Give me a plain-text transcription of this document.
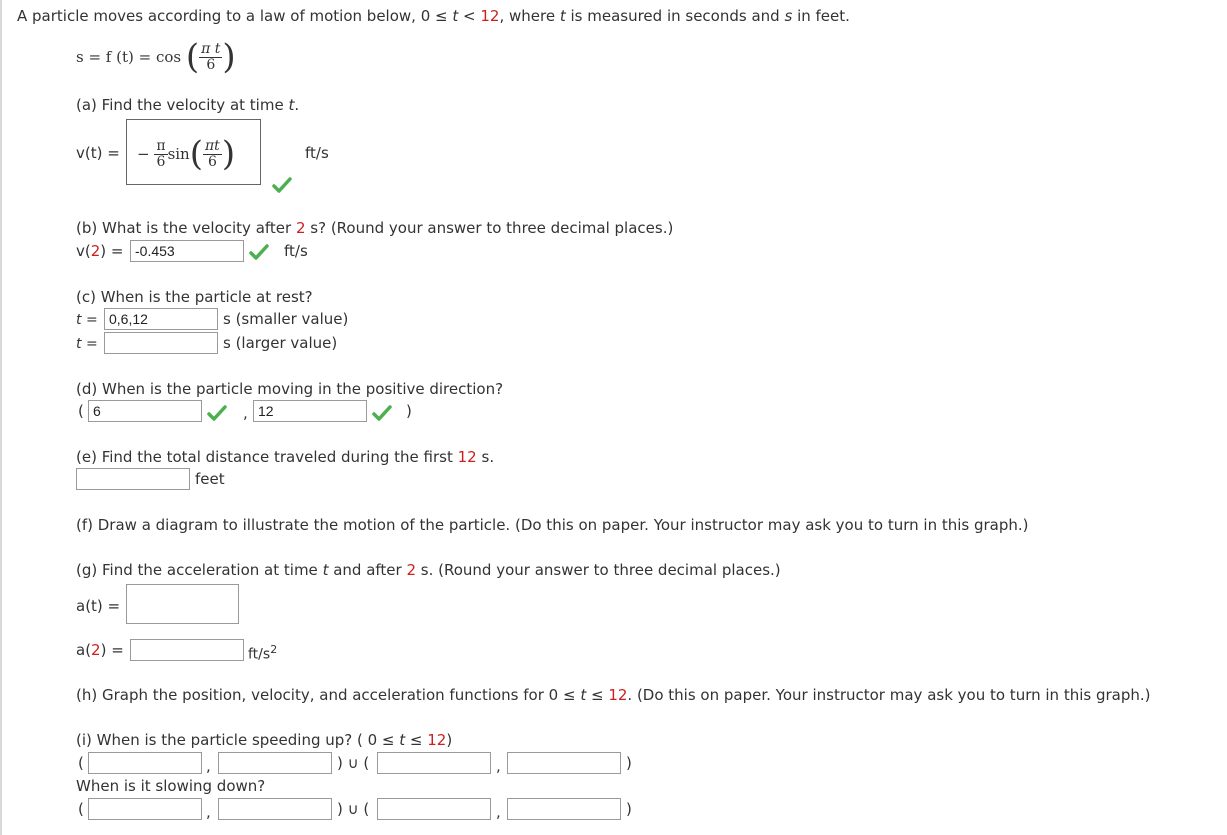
A particle moves according to a law of motion below, 0 ≤ t < 12, where t is measured in seconds and s in feet.
s = f (t) = cos ( $\frac{\text{π t}}{6}$ )
(a) Find the velocity at time t.
v(t) = − $\frac{\pi}{6} \sin( \frac{\pi t}{6}$ )	ft/s
(b) What is the velocity after 2 s? (Round your answer to three decimal places.)
v(2) = -0.453	ft/s
(c) When is the particle at rest?
t = 0,6,12	s (smaller value)
t =	s (larger value)
(d) When is the particle moving in the positive direction?
( 6	, 12	)
(e) Find the total distance traveled during the first 12 s.
feet
(f) Draw a diagram to illustrate the motion of the particle. (Do this on paper. Your instructor may ask you to turn in this graph.)
(g) Find the acceleration at time t and after 2 s. (Round your answer to three decimal places.)
a(t) =
a(2) =	$ft/s^2$
(h) Graph the position, velocity, and acceleration functions for 0 ≤ t ≤ 12. (Do this on paper. Your instructor may ask you to turn in this graph.)
(i) When is the particle speeding up? ( 0 ≤ t ≤ 12)
(	,	) ∪ (	,	)
When is it slowing down?
(	,	) ∪ (	,	)
